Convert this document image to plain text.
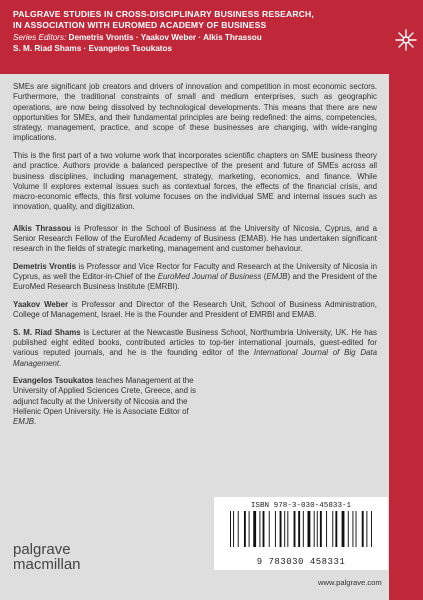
PALGRAVE STUDIES IN CROSS-DISCIPLINARY BUSINESS RESEARCH,
IN ASSOCIATION WITH EUROMED ACADEMY OF BUSINESS
Series Editors: Demetris Vrontis · Yaakov Weber · Alkis Thrassou
S. M. Riad Shams · Evangelos Tsoukatos

SMEs are significant job creators and drivers of innovation and competition in most economic sectors. Furthermore, the traditional constraints of small and medium enterprises, such as geographic operations, are now being dissolved by technological developments. This means that there are new opportunities for SMEs, and their fundamental principles are being redefined: the aims, competencies, strategy, management, practice, and scope of these businesses are changing, with wide-ranging implications.

This is the first part of a two volume work that incorporates scientific chapters on SME business theory and practice. Authors provide a balanced perspective of the present and future of SMEs across all business disciplines, including management, strategy, marketing, economics, and finance. While Volume II explores external issues such as contextual forces, the effects of the financial crisis, and macro-economic effects, this first volume focuses on the individual SME and internal issues such as innovation, quality, and digitization.

Alkis Thrassou is Professor in the School of Business at the University of Nicosia, Cyprus, and a Senior Research Fellow of the EuroMed Academy of Business (EMAB). He has undertaken significant research in the fields of strategic marketing, management and customer behaviour.

Demetris Vrontis is Professor and Vice Rector for Faculty and Research at the University of Nicosia in Cyprus, as well the Editor-in-Chief of the EuroMed Journal of Business (EMJB) and the President of the EuroMed Research Business Institute (EMRBI).

Yaakov Weber is Professor and Director of the Research Unit, School of Business Administration, College of Management, Israel. He is the Founder and President of EMRBI and EMAB.

S. M. Riad Shams is Lecturer at the Newcastle Business School, Northumbria University, UK. He has published eight edited books, contributed articles to top-tier international journals, guest-edited for various reputed journals, and he is the founding editor of the International Journal of Big Data Management.

Evangelos Tsoukatos teaches Management at the University of Applied Sciences Crete, Greece, and is adjunct faculty at the University of Nicosia and the Hellenic Open University. He is Associate Editor of EMJB.

ISBN 978-3-030-45833-1
9 783030 458331
palgrave
macmillan
www.palgrave.com
